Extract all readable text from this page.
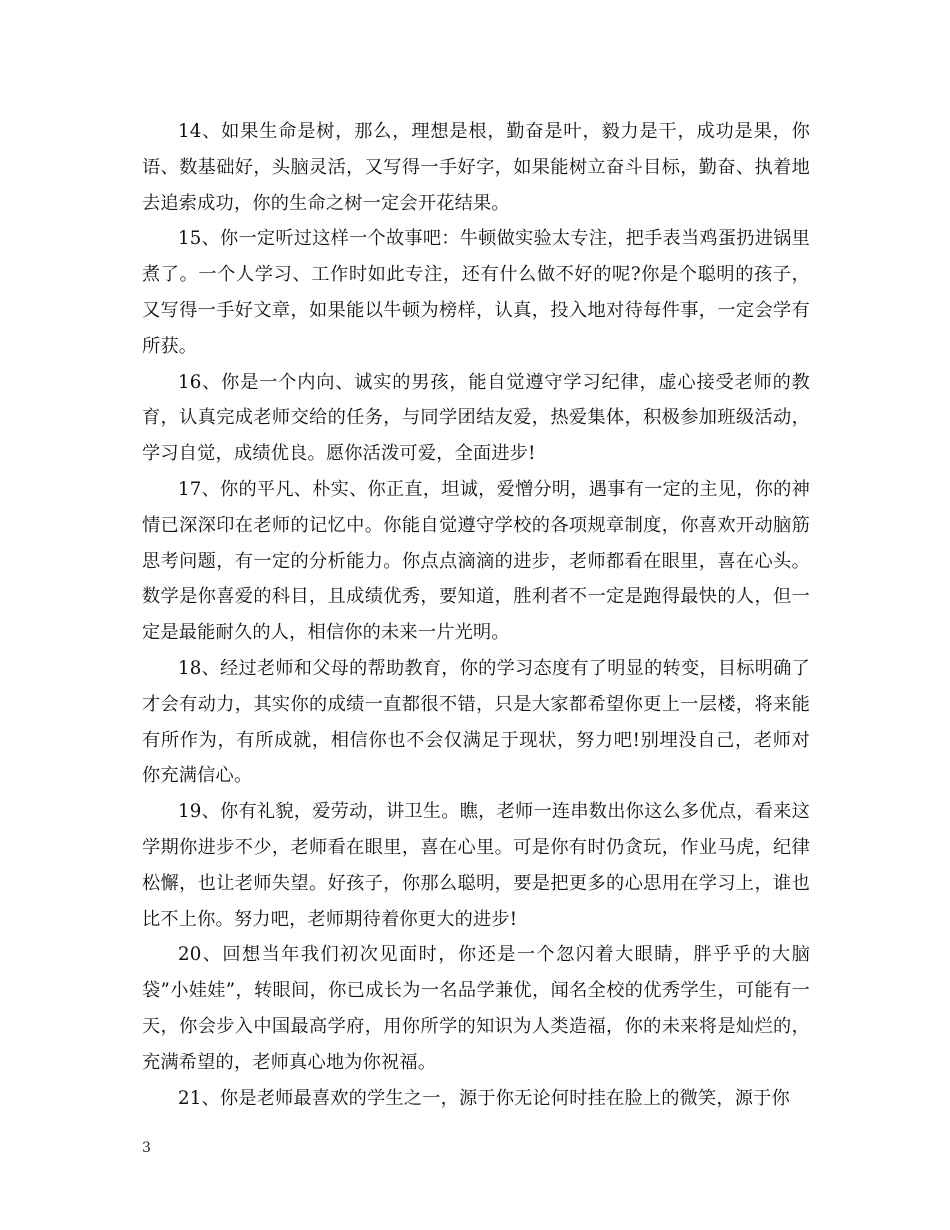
14、如果生命是树，那么，理想是根，勤奋是叶，毅力是干，成功是果，你语、数基础好，头脑灵活，又写得一手好字，如果能树立奋斗目标，勤奋、执着地去追索成功，你的生命之树一定会开花结果。

15、你一定听过这样一个故事吧：牛顿做实验太专注，把手表当鸡蛋扔进锅里煮了。一个人学习、工作时如此专注，还有什么做不好的呢?你是个聪明的孩子，又写得一手好文章，如果能以牛顿为榜样，认真，投入地对待每件事，一定会学有所获。

16、你是一个内向、诚实的男孩，能自觉遵守学习纪律，虚心接受老师的教育，认真完成老师交给的任务，与同学团结友爱，热爱集体，积极参加班级活动，学习自觉，成绩优良。愿你活泼可爱，全面进步!

17、你的平凡、朴实、你正直，坦诚，爱憎分明，遇事有一定的主见，你的神情已深深印在老师的记忆中。你能自觉遵守学校的各项规章制度，你喜欢开动脑筋思考问题，有一定的分析能力。你点点滴滴的进步，老师都看在眼里，喜在心头。数学是你喜爱的科目，且成绩优秀，要知道，胜利者不一定是跑得最快的人，但一定是最能耐久的人，相信你的未来一片光明。

18、经过老师和父母的帮助教育，你的学习态度有了明显的转变，目标明确了才会有动力，其实你的成绩一直都很不错，只是大家都希望你更上一层楼，将来能有所作为，有所成就，相信你也不会仅满足于现状，努力吧!别埋没自己，老师对你充满信心。

19、你有礼貌，爱劳动，讲卫生。瞧，老师一连串数出你这么多优点，看来这学期你进步不少，老师看在眼里，喜在心里。可是你有时仍贪玩，作业马虎，纪律松懈，也让老师失望。好孩子，你那么聪明，要是把更多的心思用在学习上，谁也比不上你。努力吧，老师期待着你更大的进步!

20、回想当年我们初次见面时，你还是一个忽闪着大眼睛，胖乎乎的大脑袋”小娃娃”，转眼间，你已成长为一名品学兼优，闻名全校的优秀学生，可能有一天，你会步入中国最高学府，用你所学的知识为人类造福，你的未来将是灿烂的，充满希望的，老师真心地为你祝福。

21、你是老师最喜欢的学生之一，源于你无论何时挂在脸上的微笑，源于你

3
